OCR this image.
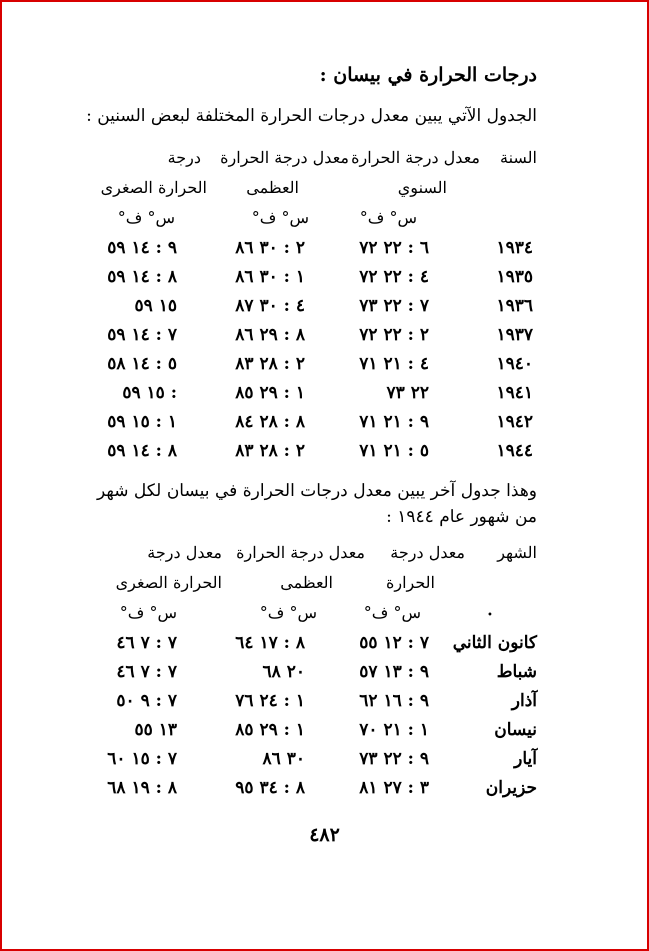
درجات الحرارة في بيسان :
الجدول الآتي يبين معدل درجات الحرارة المختلفة لبعض السنين :
السنة
معدل درجة الحرارة
معدل درجة الحرارة
درجة
السنوي
العظمى
الحرارة الصغرى
س° ف°
س° ف°
س° ف°
١٩٣٤
٦ : ٢٢ ٧٢
٢ : ٣٠ ٨٦
٩ : ١٤ ٥٩
١٩٣٥
٤ : ٢٢ ٧٢
١ : ٣٠ ٨٦
٨ : ١٤ ٥٩
١٩٣٦
٧ : ٢٢ ٧٣
٤ : ٣٠ ٨٧
١٥ ٥٩
١٩٣٧
٢ : ٢٢ ٧٢
٨ : ٢٩ ٨٦
٧ : ١٤ ٥٩
١٩٤٠
٤ : ٢١ ٧١
٢ : ٢٨ ٨٣
٥ : ١٤ ٥٨
١٩٤١
٢٢ ٧٣
١ : ٢٩ ٨٥
: ١٥ ٥٩
١٩٤٢
٩ : ٢١ ٧١
٨ : ٢٨ ٨٤
١ : ١٥ ٥٩
١٩٤٤
٥ : ٢١ ٧١
٢ : ٢٨ ٨٣
٨ : ١٤ ٥٩
وهذا جدول آخر يبين معدل درجات الحرارة في بيسان لكل شهر من شهور عام ١٩٤٤ :
الشهر
معدل درجة
معدل درجة الحرارة
معدل درجة
الحرارة
العظمى
الحرارة الصغرى
س° ف°
س° ف°
س° ف°	•
كانون الثاني
٧ : ١٢ ٥٥
٨ : ١٧ ٦٤
٧ : ٧ ٤٦
شباط
٩ : ١٣ ٥٧
٢٠ ٦٨
٧ : ٧ ٤٦
آذار
٩ : ١٦ ٦٢
١ : ٢٤ ٧٦
٧ : ٩ ٥٠
نيسان
١ : ٢١ ٧٠
١ : ٢٩ ٨٥
١٣ ٥٥
آيار
٩ : ٢٢ ٧٣
٣٠ ٨٦
٧ : ١٥ ٦٠
حزيران
٣ : ٢٧ ٨١
٨ : ٣٤ ٩٥
٨ : ١٩ ٦٨
٤٨٢
